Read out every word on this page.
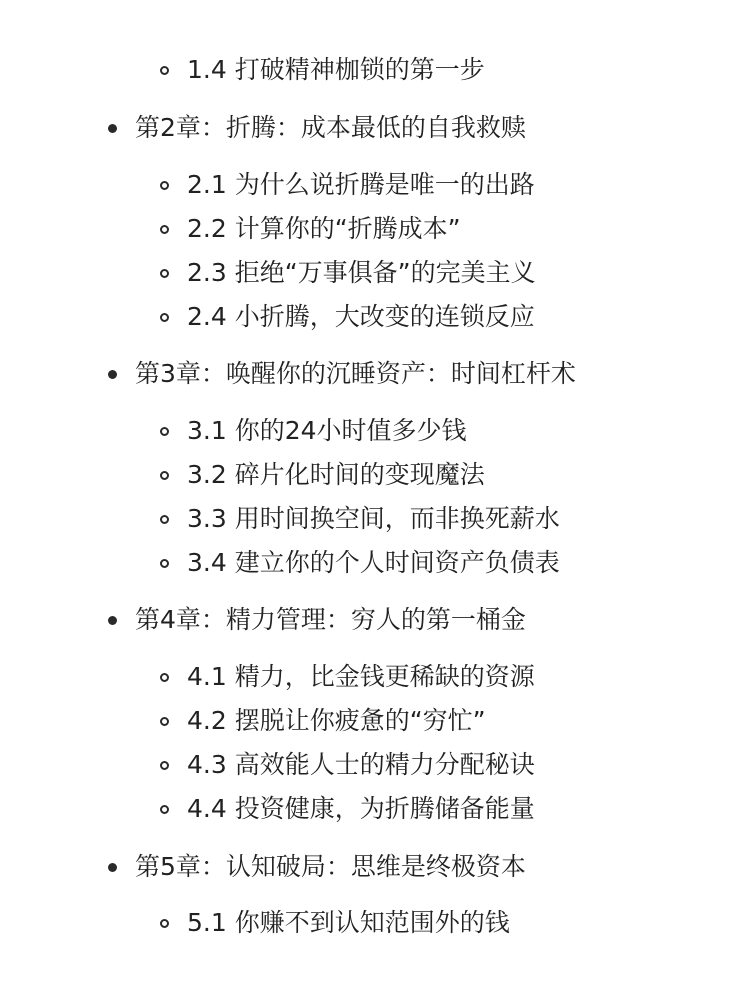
1.4 打破精神枷锁的第一步
第2章：折腾：成本最低的自我救赎
2.1 为什么说折腾是唯一的出路
2.2 计算你的“折腾成本”
2.3 拒绝“万事俱备”的完美主义
2.4 小折腾，大改变的连锁反应
第3章：唤醒你的沉睡资产：时间杠杆术
3.1 你的24小时值多少钱
3.2 碎片化时间的变现魔法
3.3 用时间换空间，而非换死薪水
3.4 建立你的个人时间资产负债表
第4章：精力管理：穷人的第一桶金
4.1 精力，比金钱更稀缺的资源
4.2 摆脱让你疲惫的“穷忙”
4.3 高效能人士的精力分配秘诀
4.4 投资健康，为折腾储备能量
第5章：认知破局：思维是终极资本
5.1 你赚不到认知范围外的钱
